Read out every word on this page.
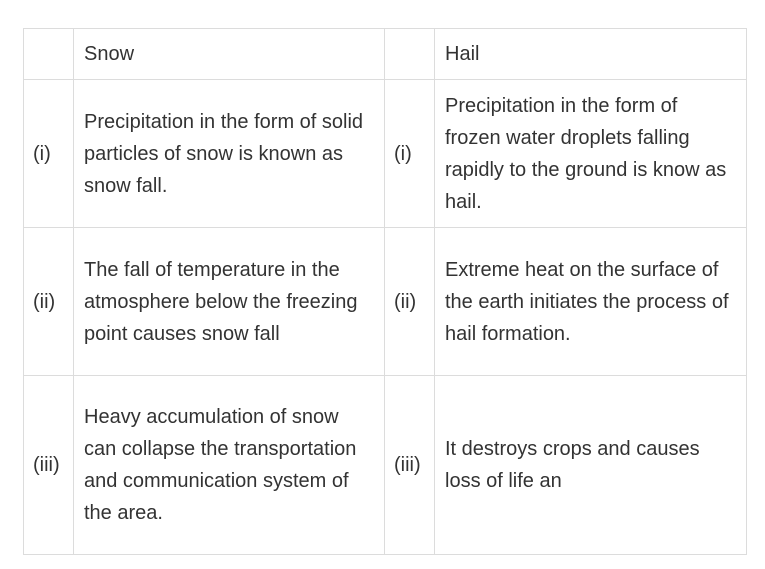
	Snow		Hail
(i)	Precipitation in the form of solid particles of snow is known as snow fall.	(i)	Precipitation in the form of frozen water droplets falling rapidly to the ground is know as hail.
(ii)	The fall of temperature in the atmosphere below the freezing point causes snow fall	(ii)	Extreme heat on the surface of the earth initiates the process of hail formation.
(iii)	Heavy accumulation of snow can collapse the transportation and communication system of the area.	(iii)	It destroys crops and causes loss of life an
